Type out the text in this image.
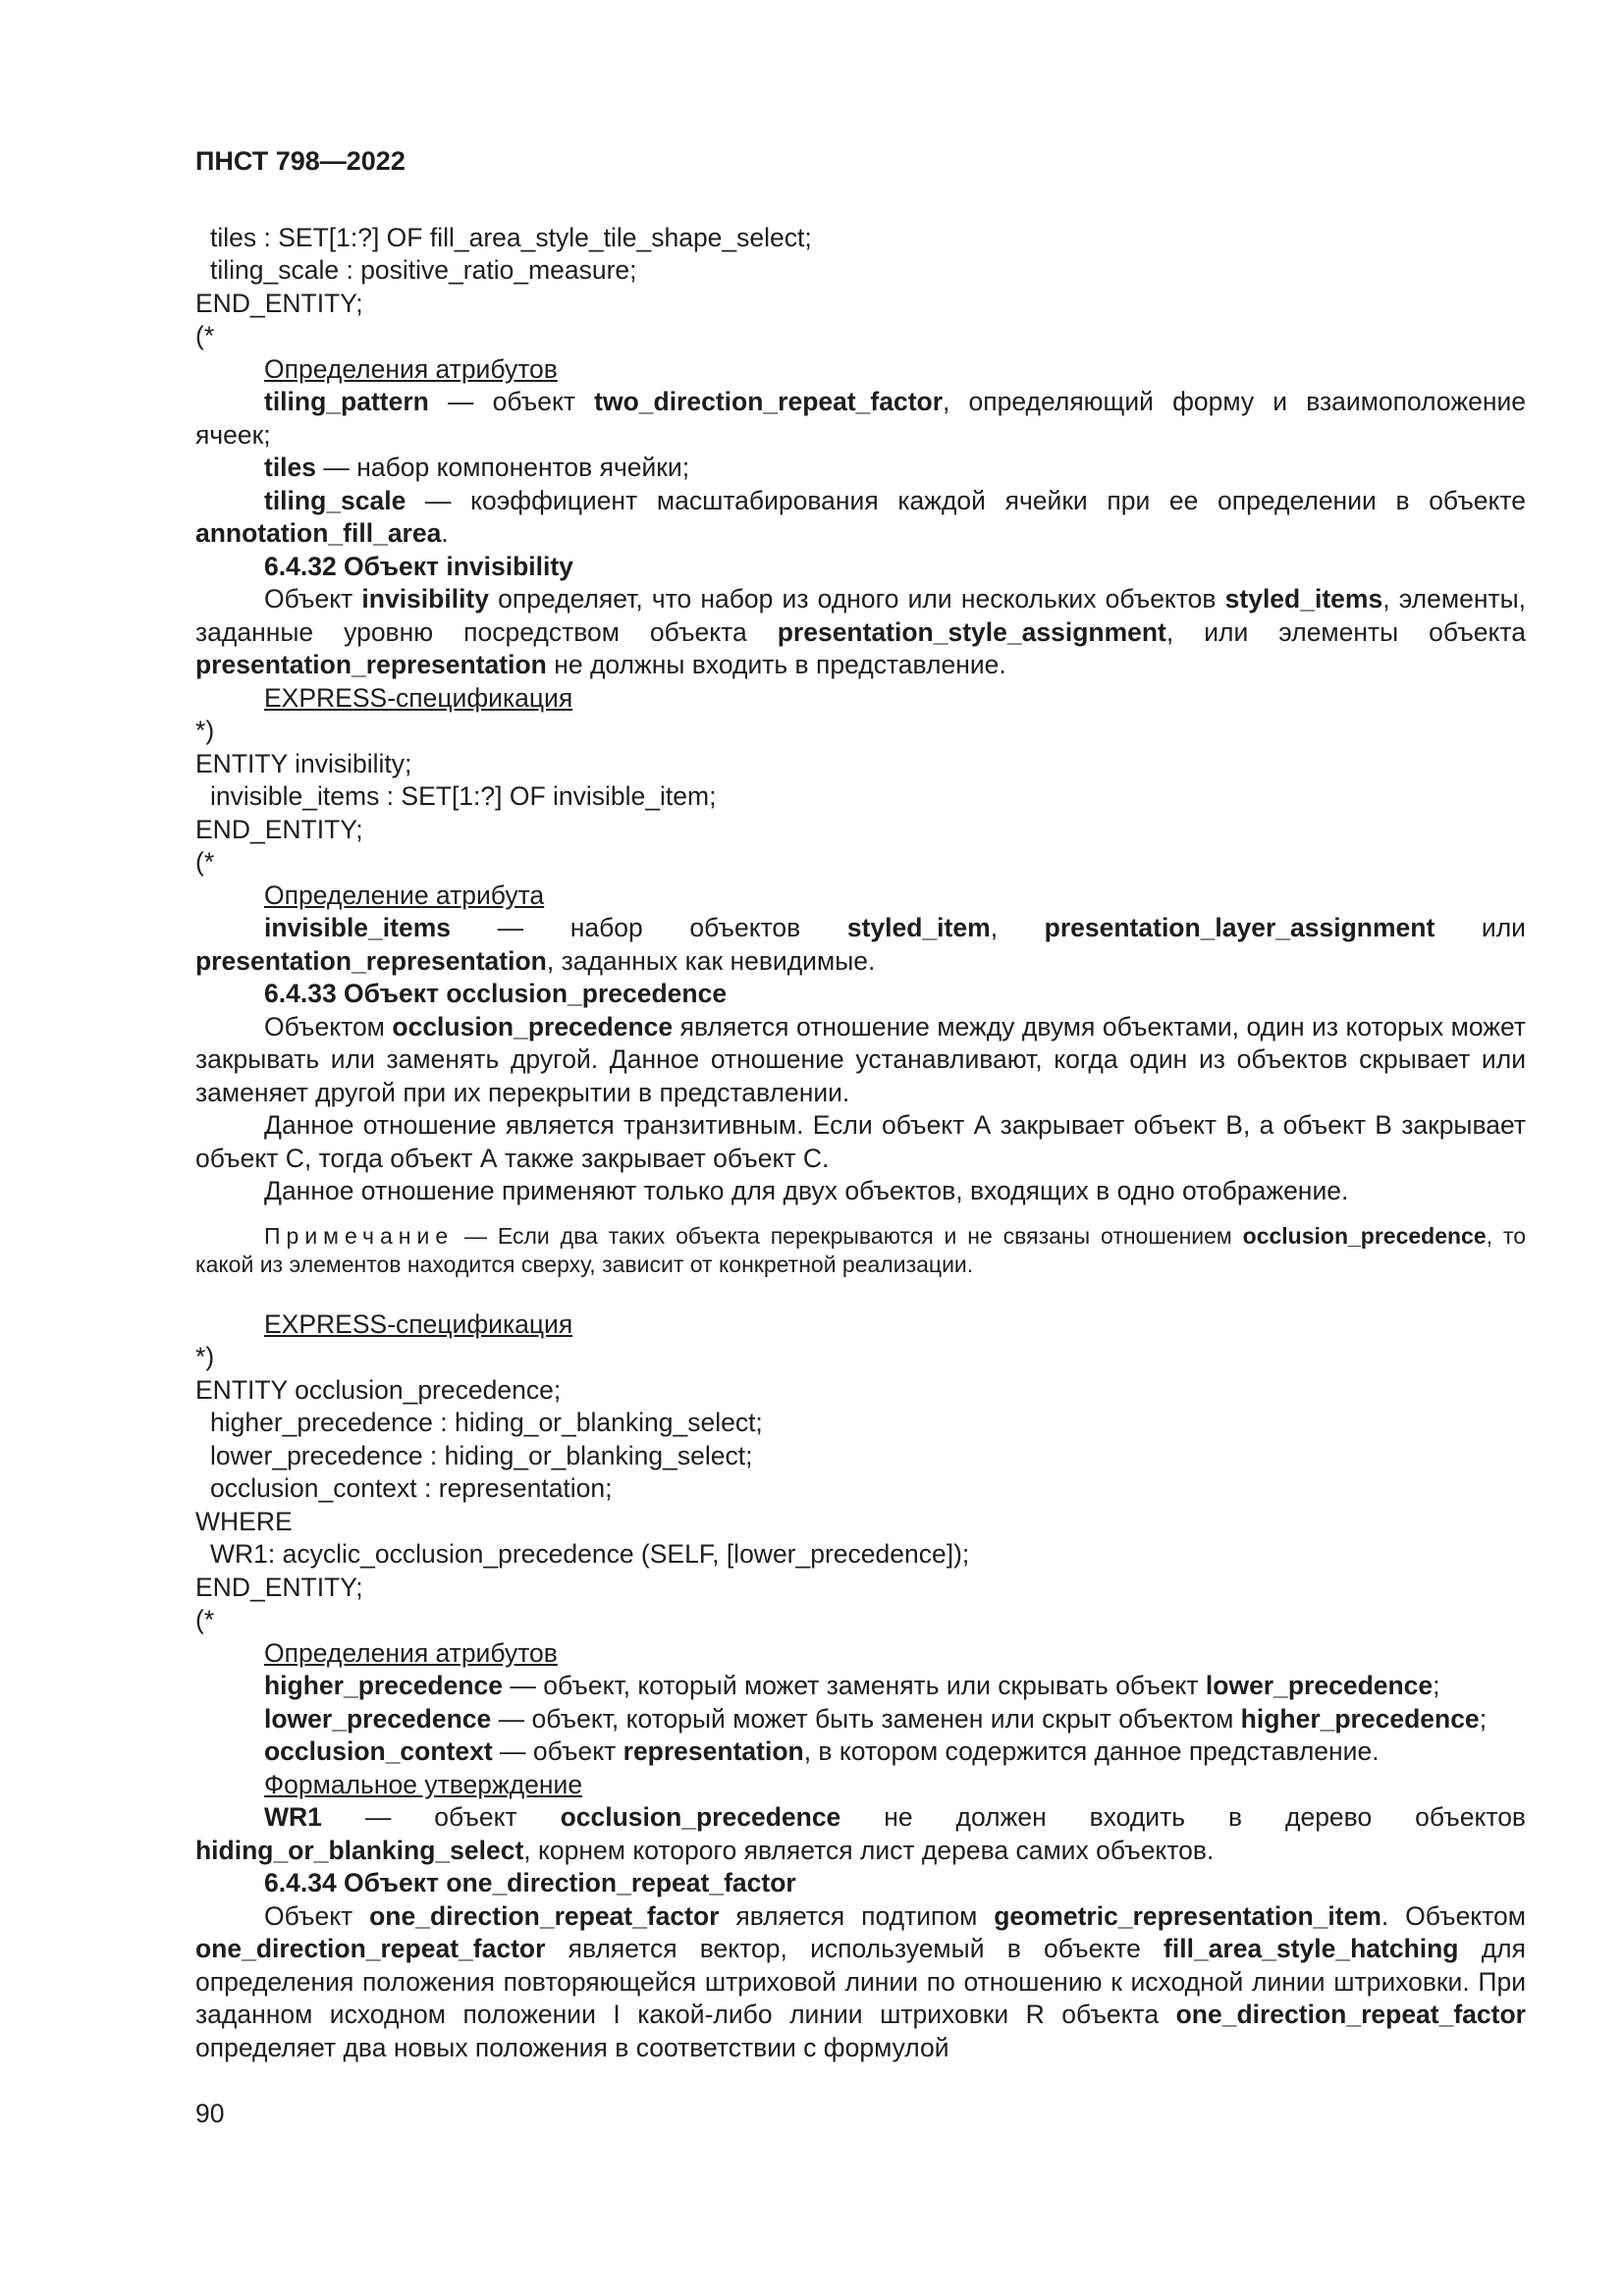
ПНСТ 798—2022
tiles : SET[1:?] OF fill_area_style_tile_shape_select;
tiling_scale : positive_ratio_measure;
END_ENTITY;
(*
Определения атрибутов

tiling_pattern — объект two_direction_repeat_factor, определяющий форму и взаимоположение ячеек;

tiles — набор компонентов ячейки;

tiling_scale — коэффициент масштабирования каждой ячейки при ее определении в объекте annotation_fill_area.

6.4.32 Объект invisibility

Объект invisibility определяет, что набор из одного или нескольких объектов styled_items, элементы, заданные уровню посредством объекта presentation_style_assignment, или элементы объекта presentation_representation не должны входить в представление.

EXPRESS-спецификация
*)
ENTITY invisibility;
invisible_items : SET[1:?] OF invisible_item;
END_ENTITY;
(*
Определение атрибута

invisible_items — набор объектов styled_item, presentation_layer_assignment или presentation_representation, заданных как невидимые.

6.4.33 Объект occlusion_precedence

Объектом occlusion_precedence является отношение между двумя объектами, один из которых может закрывать или заменять другой. Данное отношение устанавливают, когда один из объектов скрывает или заменяет другой при их перекрытии в представлении.

Данное отношение является транзитивным. Если объект А закрывает объект В, а объект В закрывает объект С, тогда объект А также закрывает объект С.

Данное отношение применяют только для двух объектов, входящих в одно отображение.

Примечание — Если два таких объекта перекрываются и не связаны отношением occlusion_precedence, то какой из элементов находится сверху, зависит от конкретной реализации.

EXPRESS-спецификация
*)
ENTITY occlusion_precedence;
higher_precedence : hiding_or_blanking_select;
lower_precedence : hiding_or_blanking_select;
occlusion_context : representation;
WHERE
WR1: acyclic_occlusion_precedence (SELF, [lower_precedence]);
END_ENTITY;
(*
Определения атрибутов

higher_precedence — объект, который может заменять или скрывать объект lower_precedence;

lower_precedence — объект, который может быть заменен или скрыт объектом higher_precedence;

occlusion_context — объект representation, в котором содержится данное представление.

Формальное утверждение

WR1 — объект occlusion_precedence не должен входить в дерево объектов hiding_or_blanking_select, корнем которого является лист дерева самих объектов.

6.4.34 Объект one_direction_repeat_factor

Объект one_direction_repeat_factor является подтипом geometric_representation_item. Объектом one_direction_repeat_factor является вектор, используемый в объекте fill_area_style_hatching для определения положения повторяющейся штриховой линии по отношению к исходной линии штриховки. При заданном исходном положении I какой-либо линии штриховки R объекта one_direction_repeat_factor определяет два новых положения в соответствии с формулой

90
